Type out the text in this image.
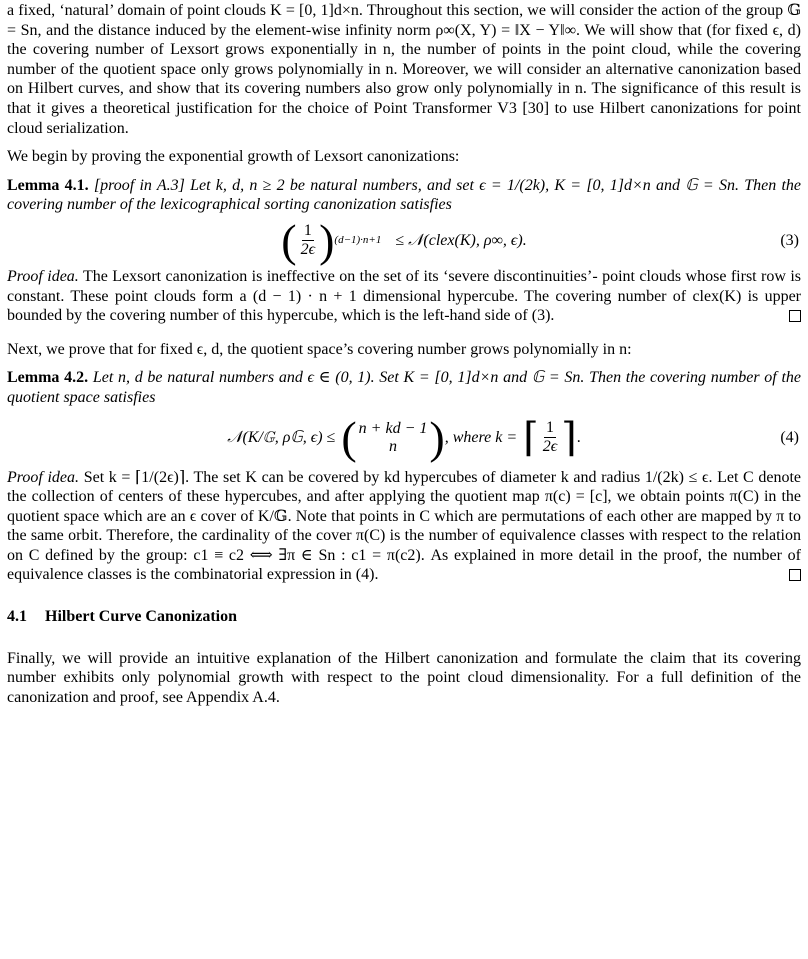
a fixed, ‘natural’ domain of point clouds K = [0, 1]d×n. Throughout this section, we will consider the action of the group 𝔾 = Sn, and the distance induced by the element-wise infinity norm ρ∞(X, Y) = ‖X − Y‖∞. We will show that (for fixed ϵ, d) the covering number of Lexsort grows exponentially in n, the number of points in the point cloud, while the covering number of the quotient space only grows polynomially in n. Moreover, we will consider an alternative canonization based on Hilbert curves, and show that its covering numbers also grow only polynomially in n. The significance of this result is that it gives a theoretical justification for the choice of Point Transformer V3 [30] to use Hilbert canonizations for point cloud serialization.

We begin by proving the exponential growth of Lexsort canonizations:

Lemma 4.1. [proof in A.3] Let k, d, n ≥ 2 be natural numbers, and set ϵ = 1/(2k), K = [0, 1]d×n and 𝔾 = Sn. Then the covering number of the lexicographical sorting canonization satisfies

( $\frac{1}{2\epsilon}$ ) (d−1)·n+1 ≤ 𝒩(clex(K), ρ∞, ϵ).	(3)

Proof idea. The Lexsort canonization is ineffective on the set of its ‘severe discontinuities’- point clouds whose first row is constant. These point clouds form a (d − 1) · n + 1 dimensional hypercube. The covering number of clex(K) is upper bounded by the covering number of this hypercube, which is the left-hand side of (3).

Next, we prove that for fixed ϵ, d, the quotient space’s covering number grows polynomially in n:

Lemma 4.2. Let n, d be natural numbers and ϵ ∈ (0, 1). Set K = [0, 1]d×n and 𝔾 = Sn. Then the covering number of the quotient space satisfies

𝒩(K/𝔾, ρ𝔾, ϵ) ≤ ( n + kd − 1
n ) , where k = ⌈ $\frac{1}{2\epsilon}$ ⌉ .	(4)

Proof idea. Set k = ⌈1/(2ϵ)⌉. The set K can be covered by kd hypercubes of diameter k and radius 1/(2k) ≤ ϵ. Let C denote the collection of centers of these hypercubes, and after applying the quotient map π(c) = [c], we obtain points π(C) in the quotient space which are an ϵ cover of K/𝔾. Note that points in C which are permutations of each other are mapped by π to the same orbit. Therefore, the cardinality of the cover π(C) is the number of equivalence classes with respect to the relation on C defined by the group: c1 ≡ c2 ⟺ ∃π ∈ Sn : c1 = π(c2). As explained in more detail in the proof, the number of equivalence classes is the combinatorial expression in (4).

4.1 Hilbert Curve Canonization

Finally, we will provide an intuitive explanation of the Hilbert canonization and formulate the claim that its covering number exhibits only polynomial growth with respect to the point cloud dimensionality. For a full definition of the canonization and proof, see Appendix A.4.
